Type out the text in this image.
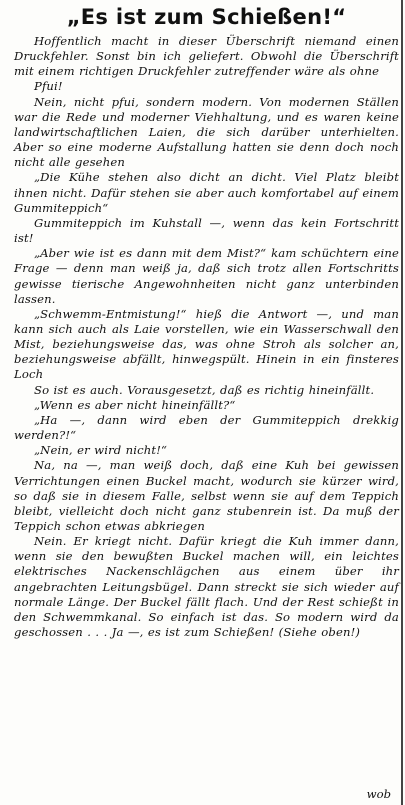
„Es ist zum Schießen!“

Hoffentlich macht in dieser Überschrift niemand einen Druckfehler. Sonst bin ich geliefert. Obwohl die Überschrift mit einem richtigen Druckfehler zutreffender wäre als ohne

Pfui!

Nein, nicht pfui, sondern modern. Von modernen Ställen war die Rede und moderner Viehhaltung, und es waren keine landwirtschaftlichen Laien, die sich darüber unterhielten. Aber so eine moderne Aufstallung hatten sie denn doch noch nicht alle gesehen

„Die Kühe stehen also dicht an dicht. Viel Platz bleibt ihnen nicht. Dafür stehen sie aber auch komfortabel auf einem Gummiteppich“

Gummiteppich im Kuhstall —, wenn das kein Fortschritt ist!

„Aber wie ist es dann mit dem Mist?“ kam schüchtern eine Frage — denn man weiß ja, daß sich trotz allen Fortschritts gewisse tierische Angewohnheiten nicht ganz unterbinden lassen.

„Schwemm-Entmistung!“ hieß die Antwort —, und man kann sich auch als Laie vorstellen, wie ein Wasserschwall den Mist, beziehungsweise das, was ohne Stroh als solcher an, beziehungsweise abfällt, hinwegspült. Hinein in ein finsteres Loch

So ist es auch. Vorausgesetzt, daß es richtig hineinfällt.

„Wenn es aber nicht hineinfällt?“

„Ha —, dann wird eben der Gummiteppich drekkig werden?!“

„Nein, er wird nicht!“

Na, na —, man weiß doch, daß eine Kuh bei gewissen Verrichtungen einen Buckel macht, wodurch sie kürzer wird, so daß sie in diesem Falle, selbst wenn sie auf dem Teppich bleibt, vielleicht doch nicht ganz stubenrein ist. Da muß der Teppich schon etwas abkriegen

Nein. Er kriegt nicht. Dafür kriegt die Kuh immer dann, wenn sie den bewußten Buckel machen will, ein leichtes elektrisches Nackenschlägchen aus einem über ihr angebrachten Leitungsbügel. Dann streckt sie sich wieder auf normale Länge. Der Buckel fällt flach. Und der Rest schießt in den Schwemmkanal. So einfach ist das. So modern wird da geschossen . . . Ja —, es ist zum Schießen! (Siehe oben!)

wob
